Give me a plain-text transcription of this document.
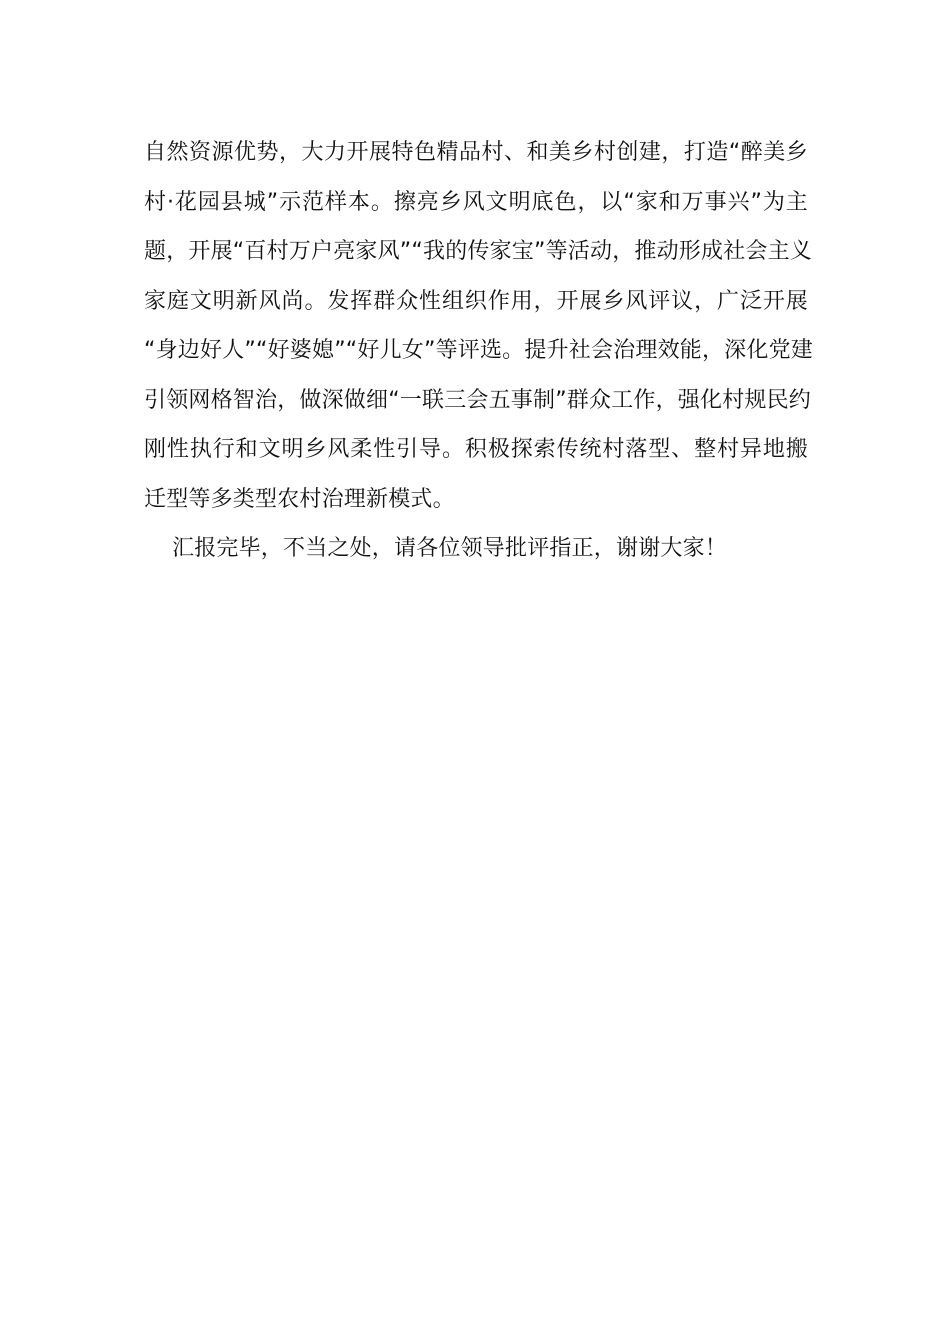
自然资源优势，大力开展特色精品村、和美乡村创建，打造“醉美乡
村·花园县城”示范样本。擦亮乡风文明底色，以“家和万事兴”为主
题，开展“百村万户亮家风”“我的传家宝”等活动，推动形成社会主义
家庭文明新风尚。发挥群众性组织作用，开展乡风评议，广泛开展
“身边好人”“好婆媳”“好儿女”等评选。提升社会治理效能，深化党建
引领网格智治，做深做细“一联三会五事制”群众工作，强化村规民约
刚性执行和文明乡风柔性引导。积极探索传统村落型、整村异地搬
迁型等多类型农村治理新模式。
汇报完毕，不当之处，请各位领导批评指正，谢谢大家！
